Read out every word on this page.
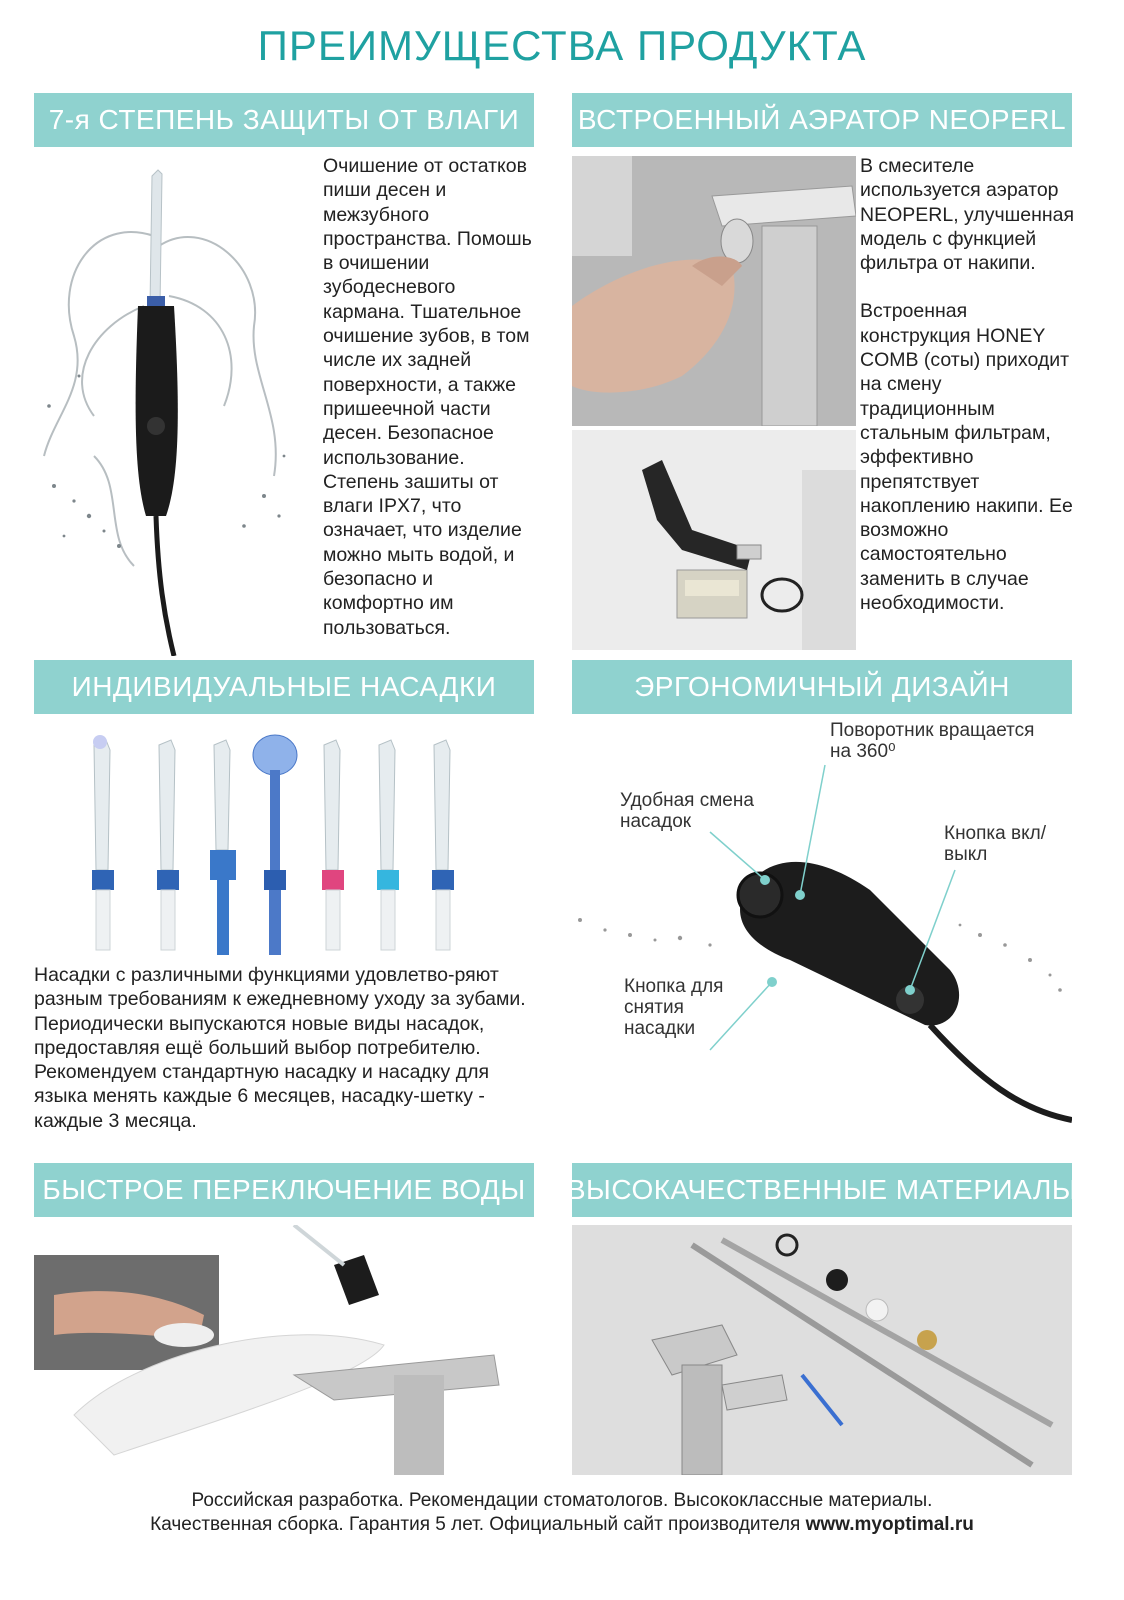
ПРЕИМУЩЕСТВА ПРОДУКТА
7-я СТЕПЕНЬ ЗАЩИТЫ ОТ ВЛАГИ

Очишение от остатков пиши десен и межзубного пространства. Помошь в очишении зубодесневого кармана. Тшательное очишение зубов, в том числе их задней поверхности, а также пришеечной части десен. Безопасное использование. Степень зашиты от влаги IPX7, что означает, что изделие можно мыть водой, и безопасно и комфортно им пользоваться.

ВСТРОЕННЫЙ АЭРАТОР NEOPERL

В смесителе используется аэратор NEOPERL, улучшенная модель с функцией фильтра от накипи.

Встроенная конструкция HONEY COMB (соты) приходит на смену традиционным стальным фильтрам, эффективно препятствует накоплению накипи. Ее возможно самостоятельно заменить в случае необходимости.

ИНДИВИДУАЛЬНЫЕ НАСАДКИ

Насадки с различными функциями удовлетво-ряют разным требованиям к ежедневному уходу за зубами. Периодически выпускаются новые виды насадок, предоставляя ещё больший выбор потребителю. Рекомендуем стандартную насадку и насадку для языка менять каждые 6 месяцев, насадку-шетку - каждые 3 месяца.

ЭРГОНОМИЧНЫЙ ДИЗАЙН
Поворотник вращается на 360⁰
Удобная смена насадок
Кнопка вкл/выкл
Кнопка для снятия насадки
БЫСТРОЕ ПЕРЕКЛЮЧЕНИЕ ВОДЫ ВЫСОКАЧЕСТВЕННЫЕ МАТЕРИАЛЫ
Российская разработка. Рекомендации стоматологов. Высококлассные материалы.
Качественная сборка. Гарантия 5 лет. Официальный сайт производителя www.myoptimal.ru
